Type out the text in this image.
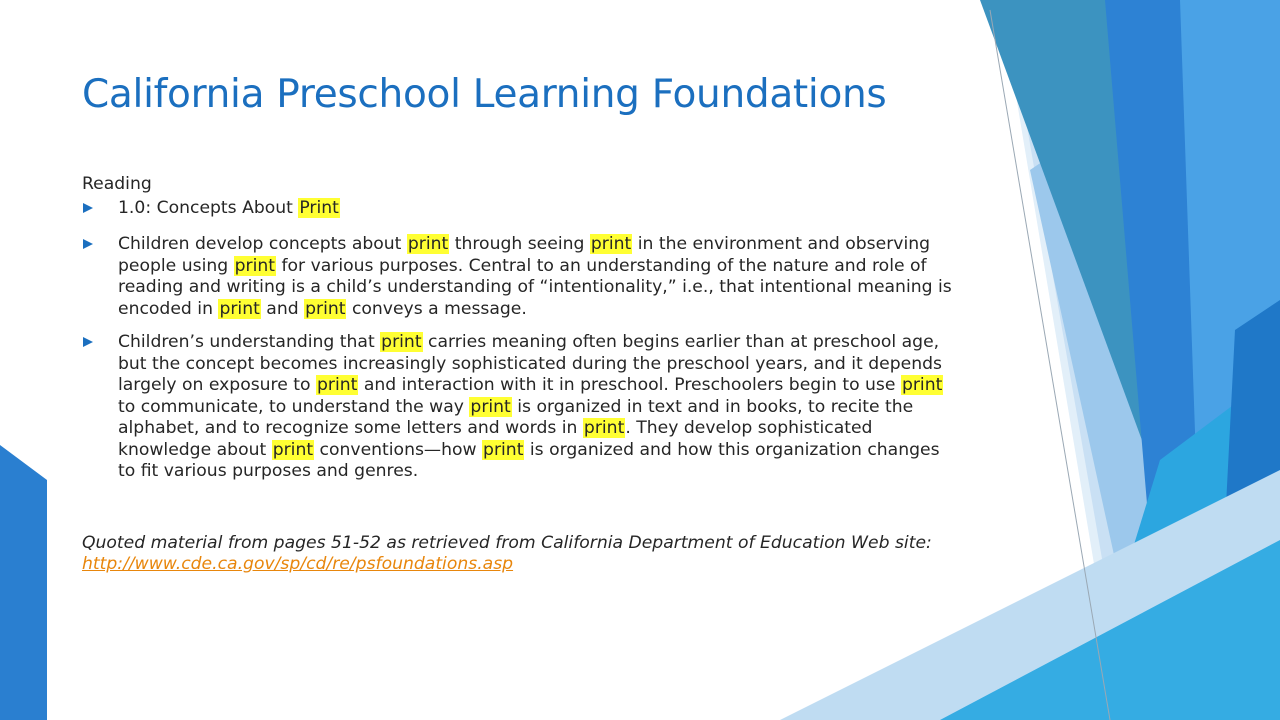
California Preschool Learning Foundations

Reading

1.0: Concepts About Print
Children develop concepts about print through seeing print in the environment and observing people using print for various purposes. Central to an understanding of the nature and role of reading and writing is a child’s understanding of “intentionality,” i.e., that intentional meaning is encoded in print and print conveys a message.
Children’s understanding that print carries meaning often begins earlier than at preschool age, but the concept becomes increasingly sophisticated during the preschool years, and it depends largely on exposure to print and interaction with it in preschool. Preschoolers begin to use print to communicate, to understand the way print is organized in text and in books, to recite the alphabet, and to recognize some letters and words in print. They develop sophisticated knowledge about print conventions—how print is organized and how this organization changes to fit various purposes and genres.

Quoted material from pages 51-52 as retrieved from California Department of Education Web site: http://www.cde.ca.gov/sp/cd/re/psfoundations.asp
